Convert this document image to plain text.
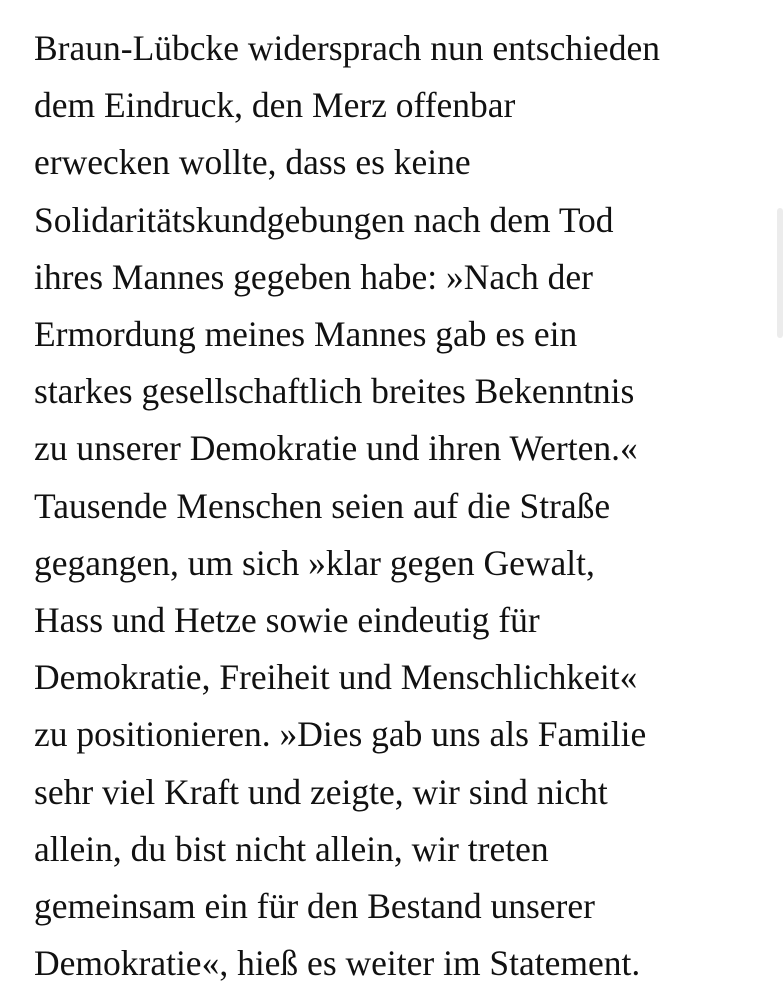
Braun-Lübcke widersprach nun entschieden
dem Eindruck, den Merz offenbar
erwecken wollte, dass es keine
Solidaritätskundgebungen nach dem Tod
ihres Mannes gegeben habe: »Nach der
Ermordung meines Mannes gab es ein
starkes gesellschaftlich breites Bekenntnis
zu unserer Demokratie und ihren Werten.«
Tausende Menschen seien auf die Straße
gegangen, um sich »klar gegen Gewalt,
Hass und Hetze sowie eindeutig für
Demokratie, Freiheit und Menschlichkeit«
zu positionieren. »Dies gab uns als Familie
sehr viel Kraft und zeigte, wir sind nicht
allein, du bist nicht allein, wir treten
gemeinsam ein für den Bestand unserer
Demokratie«, hieß es weiter im Statement.
